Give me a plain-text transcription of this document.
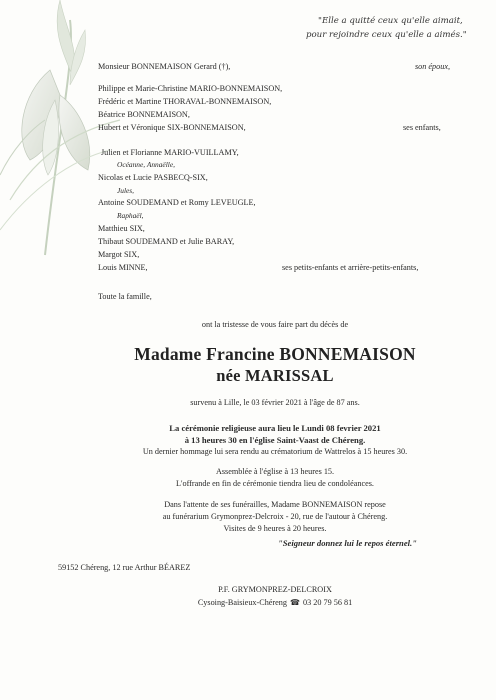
"Elle a quitté ceux qu'elle aimait,
pour rejoindre ceux qu'elle a aimés."
Monsieur BONNEMAISON Gerard (†),	son époux,
Philippe et Marie-Christine MARIO-BONNEMAISON,
Frédéric et Martine THORAVAL-BONNEMAISON,
Béatrice BONNEMAISON,
Hubert et Véronique SIX-BONNEMAISON,	ses enfants,
Julien et Florianne MARIO-VUILLAMY,
Océanne, Annaëlle,
Nicolas et Lucie PASBECQ-SIX,
Jules,
Antoine SOUDEMAND et Romy LEVEUGLE,
Raphaël,
Matthieu SIX,
Thibaut SOUDEMAND et Julie BARAY,
Margot SIX,
Louis MINNE,	ses petits-enfants et arrière-petits-enfants,
Toute la famille,
ont la tristesse de vous faire part du décès de
Madame Francine BONNEMAISON
née MARISSAL
survenu à Lille, le 03 février 2021 à l'âge de 87 ans.
La cérémonie religieuse aura lieu le Lundi 08 fevrier 2021
à 13 heures 30 en l'église Saint-Vaast de Chéreng.
Un dernier hommage lui sera rendu au crématorium de Wattrelos à 15 heures 30.
Assemblée à l'église à 13 heures 15.
L'offrande en fin de cérémonie tiendra lieu de condoléances.
Dans l'attente de ses funérailles, Madame BONNEMAISON repose
au funérarium Grymonprez-Delcroix - 20, rue de l'autour à Chéreng.
Visites de 9 heures à 20 heures.
"Seigneur donnez lui le repos éternel."
59152 Chéreng, 12 rue Arthur BÉAREZ
P.F. GRYMONPREZ-DELCROIX
Cysoing-Baisieux-Chéreng ☎ 03 20 79 56 81
